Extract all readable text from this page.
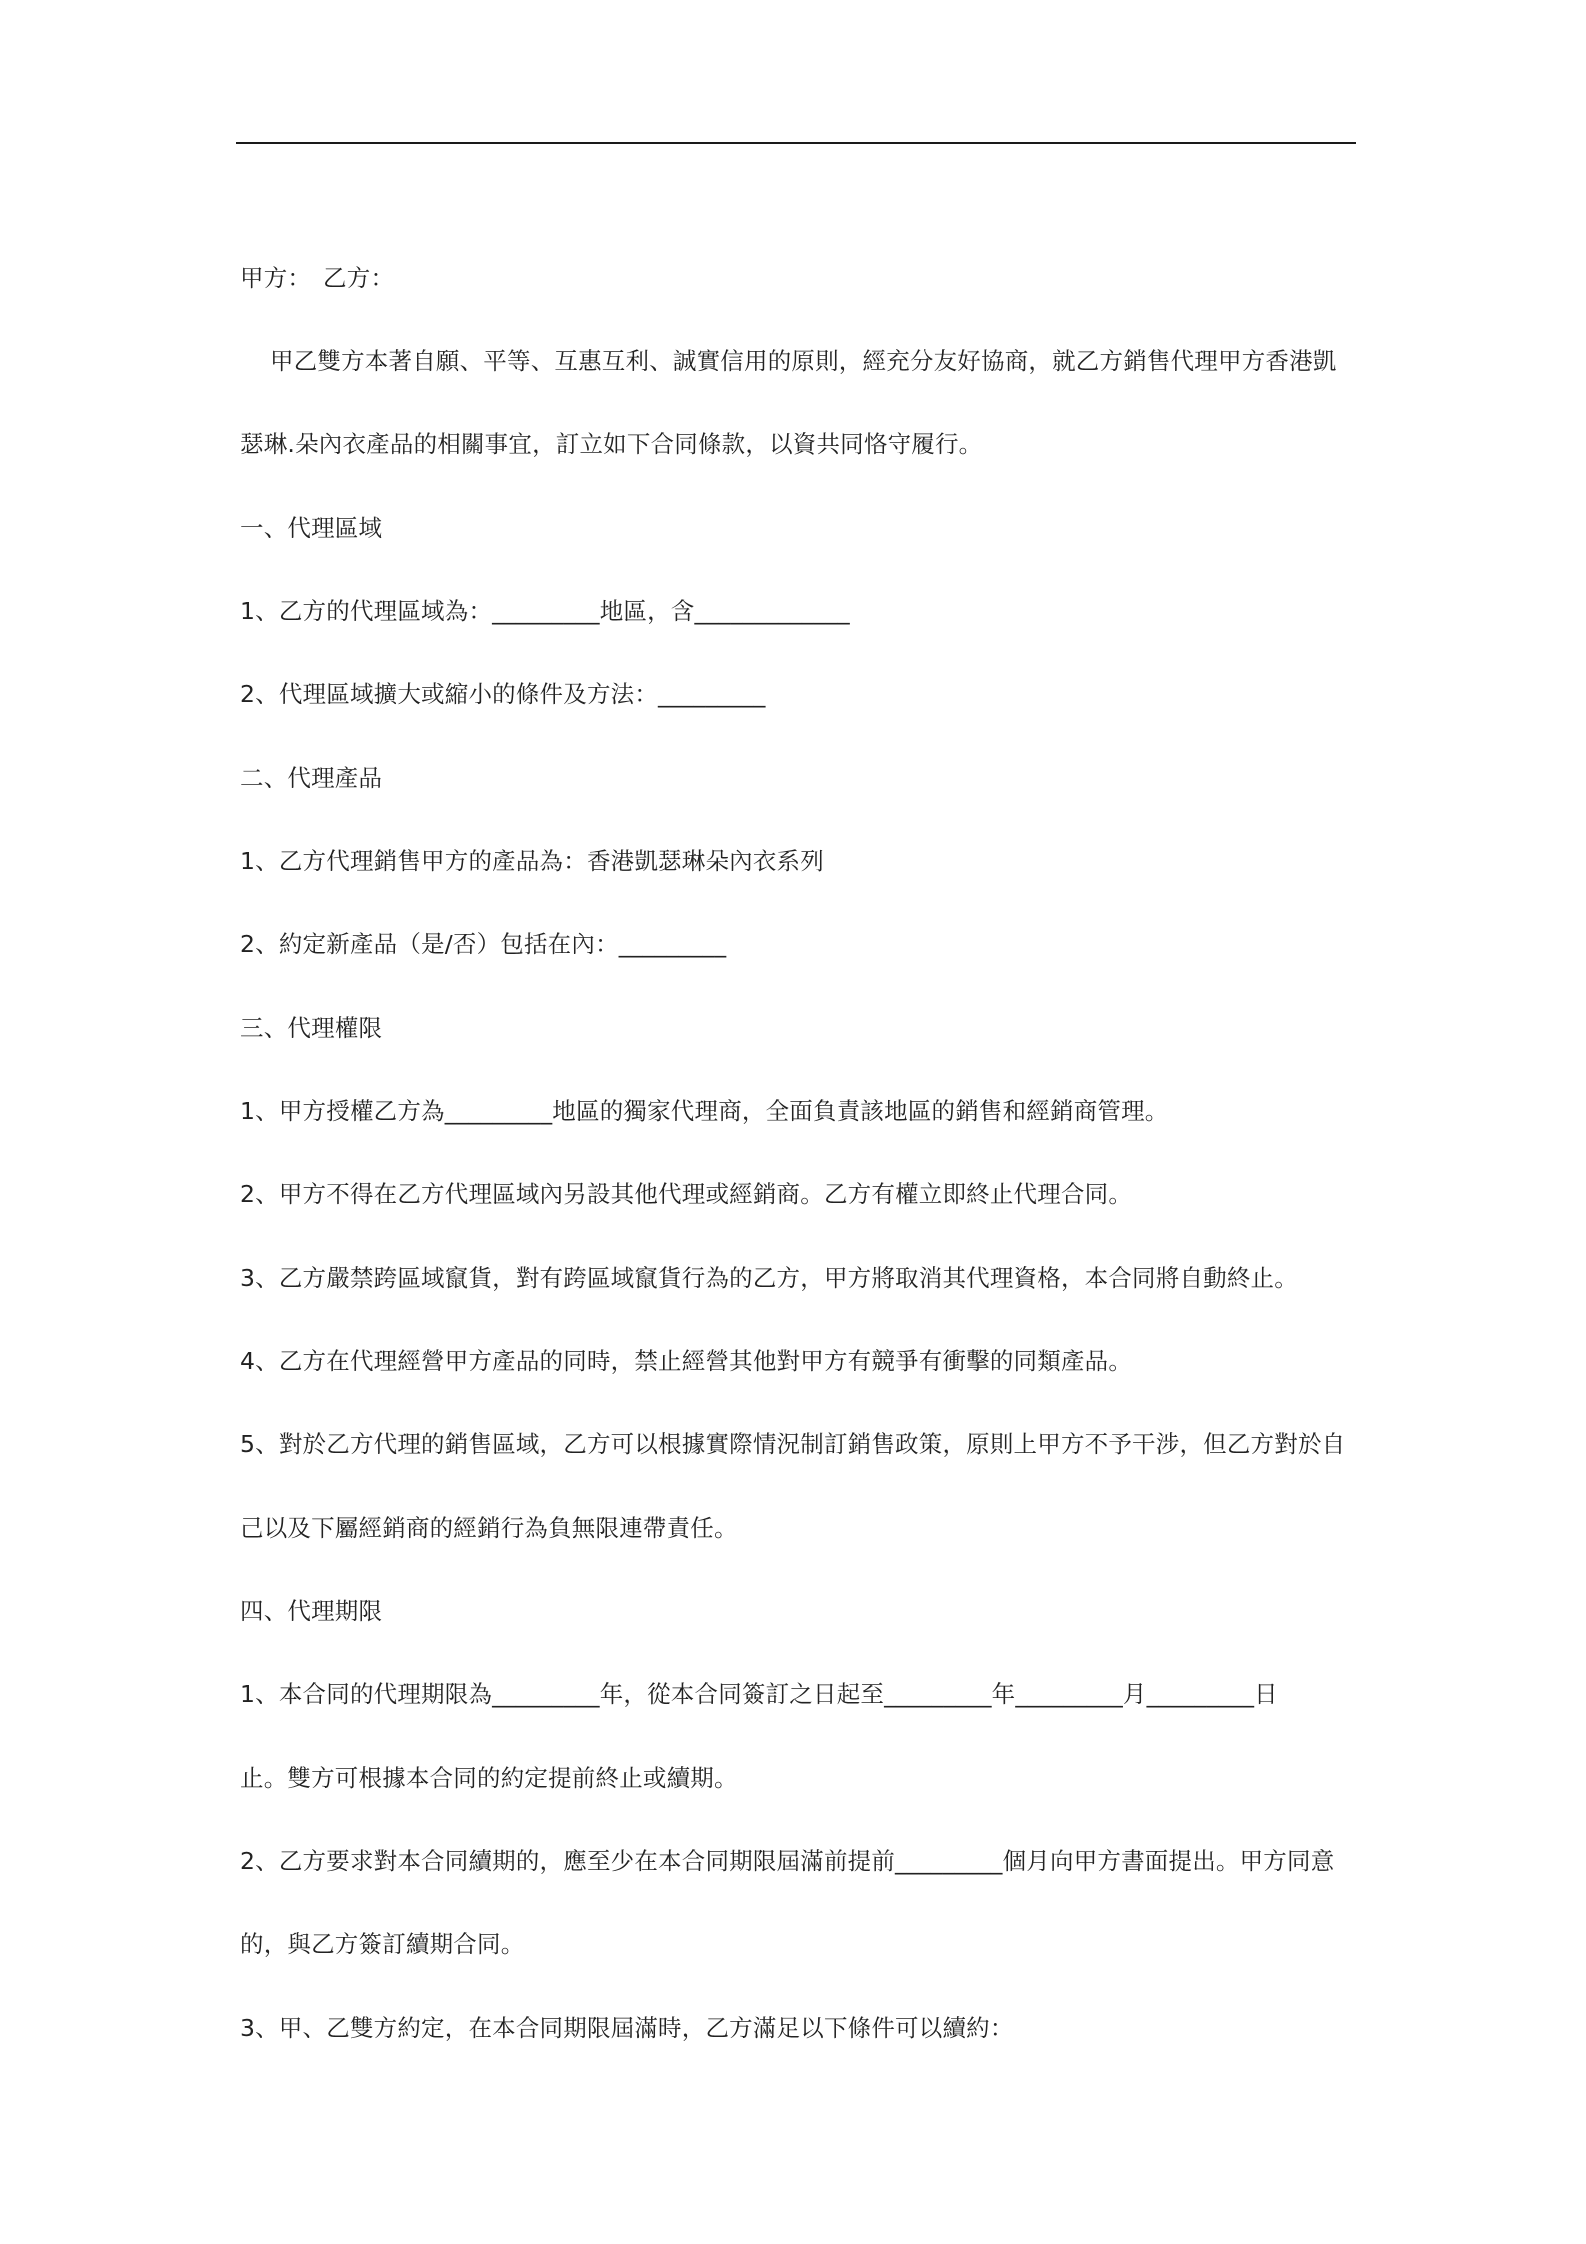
甲方：　乙方：
甲乙雙方本著自願、平等、互惠互利、誠實信用的原則，經充分友好協商，就乙方銷售代理甲方香港凱
瑟琳.朵內衣產品的相關事宜，訂立如下合同條款，以資共同恪守履行。
一、代理區域
1、乙方的代理區域為：_________地區，含_____________
2、代理區域擴大或縮小的條件及方法：_________
二、代理產品
1、乙方代理銷售甲方的產品為：香港凱瑟琳朵內衣系列
2、約定新產品（是/否）包括在內：_________
三、代理權限
1、甲方授權乙方為_________地區的獨家代理商，全面負責該地區的銷售和經銷商管理。
2、甲方不得在乙方代理區域內另設其他代理或經銷商。乙方有權立即終止代理合同。
3、乙方嚴禁跨區域竄貨，對有跨區域竄貨行為的乙方，甲方將取消其代理資格，本合同將自動終止。
4、乙方在代理經營甲方產品的同時，禁止經營其他對甲方有競爭有衝擊的同類產品。
5、對於乙方代理的銷售區域，乙方可以根據實際情況制訂銷售政策，原則上甲方不予干涉，但乙方對於自
己以及下屬經銷商的經銷行為負無限連帶責任。
四、代理期限
1、本合同的代理期限為_________年，從本合同簽訂之日起至_________年_________月_________日
止。雙方可根據本合同的約定提前終止或續期。
2、乙方要求對本合同續期的，應至少在本合同期限屆滿前提前_________個月向甲方書面提出。甲方同意
的，與乙方簽訂續期合同。
3、甲、乙雙方約定，在本合同期限屆滿時，乙方滿足以下條件可以續約：
